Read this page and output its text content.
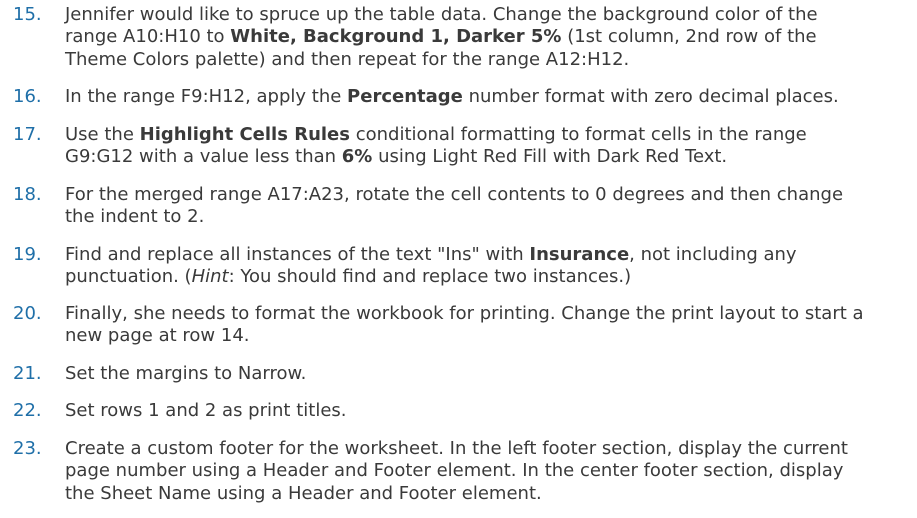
15. Jennifer would like to spruce up the table data. Change the background color of the
range A10:H10 to White, Background 1, Darker 5% (1st column, 2nd row of the
Theme Colors palette) and then repeat for the range A12:H12.
16. In the range F9:H12, apply the Percentage number format with zero decimal places.
17. Use the Highlight Cells Rules conditional formatting to format cells in the range
G9:G12 with a value less than 6% using Light Red Fill with Dark Red Text.
18. For the merged range A17:A23, rotate the cell contents to 0 degrees and then change
the indent to 2.
19. Find and replace all instances of the text "Ins" with Insurance, not including any
punctuation. (Hint: You should find and replace two instances.)
20. Finally, she needs to format the workbook for printing. Change the print layout to start a
new page at row 14.
21. Set the margins to Narrow.
22. Set rows 1 and 2 as print titles.
23. Create a custom footer for the worksheet. In the left footer section, display the current
page number using a Header and Footer element. In the center footer section, display
the Sheet Name using a Header and Footer element.
